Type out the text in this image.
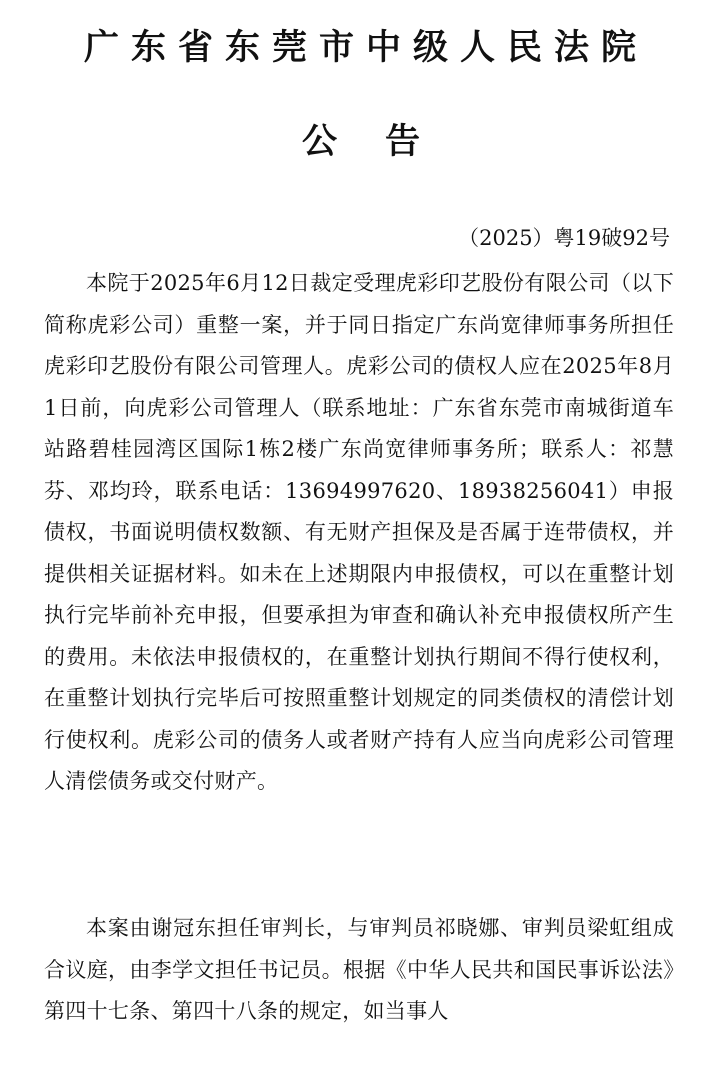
广东省东莞市中级人民法院
公告
（2025）粤19破92号

本院于2025年6月12日裁定受理虎彩印艺股份有限公司（以下简称虎彩公司）重整一案，并于同日指定广东尚宽律师事务所担任虎彩印艺股份有限公司管理人。虎彩公司的债权人应在2025年8月1日前，向虎彩公司管理人（联系地址：广东省东莞市南城街道车站路碧桂园湾区国际1栋2楼广东尚宽律师事务所；联系人：祁慧芬、邓均玲，联系电话：13694997620、18938256041）申报债权，书面说明债权数额、有无财产担保及是否属于连带债权，并提供相关证据材料。如未在上述期限内申报债权，可以在重整计划执行完毕前补充申报，但要承担为审查和确认补充申报债权所产生的费用。未依法申报债权的，在重整计划执行期间不得行使权利，在重整计划执行完毕后可按照重整计划规定的同类债权的清偿计划行使权利。虎彩公司的债务人或者财产持有人应当向虎彩公司管理人清偿债务或交付财产。

本案由谢冠东担任审判长，与审判员祁晓娜、审判员梁虹组成合议庭，由李学文担任书记员。根据《中华人民共和国民事诉讼法》第四十七条、第四十八条的规定，如当事人
